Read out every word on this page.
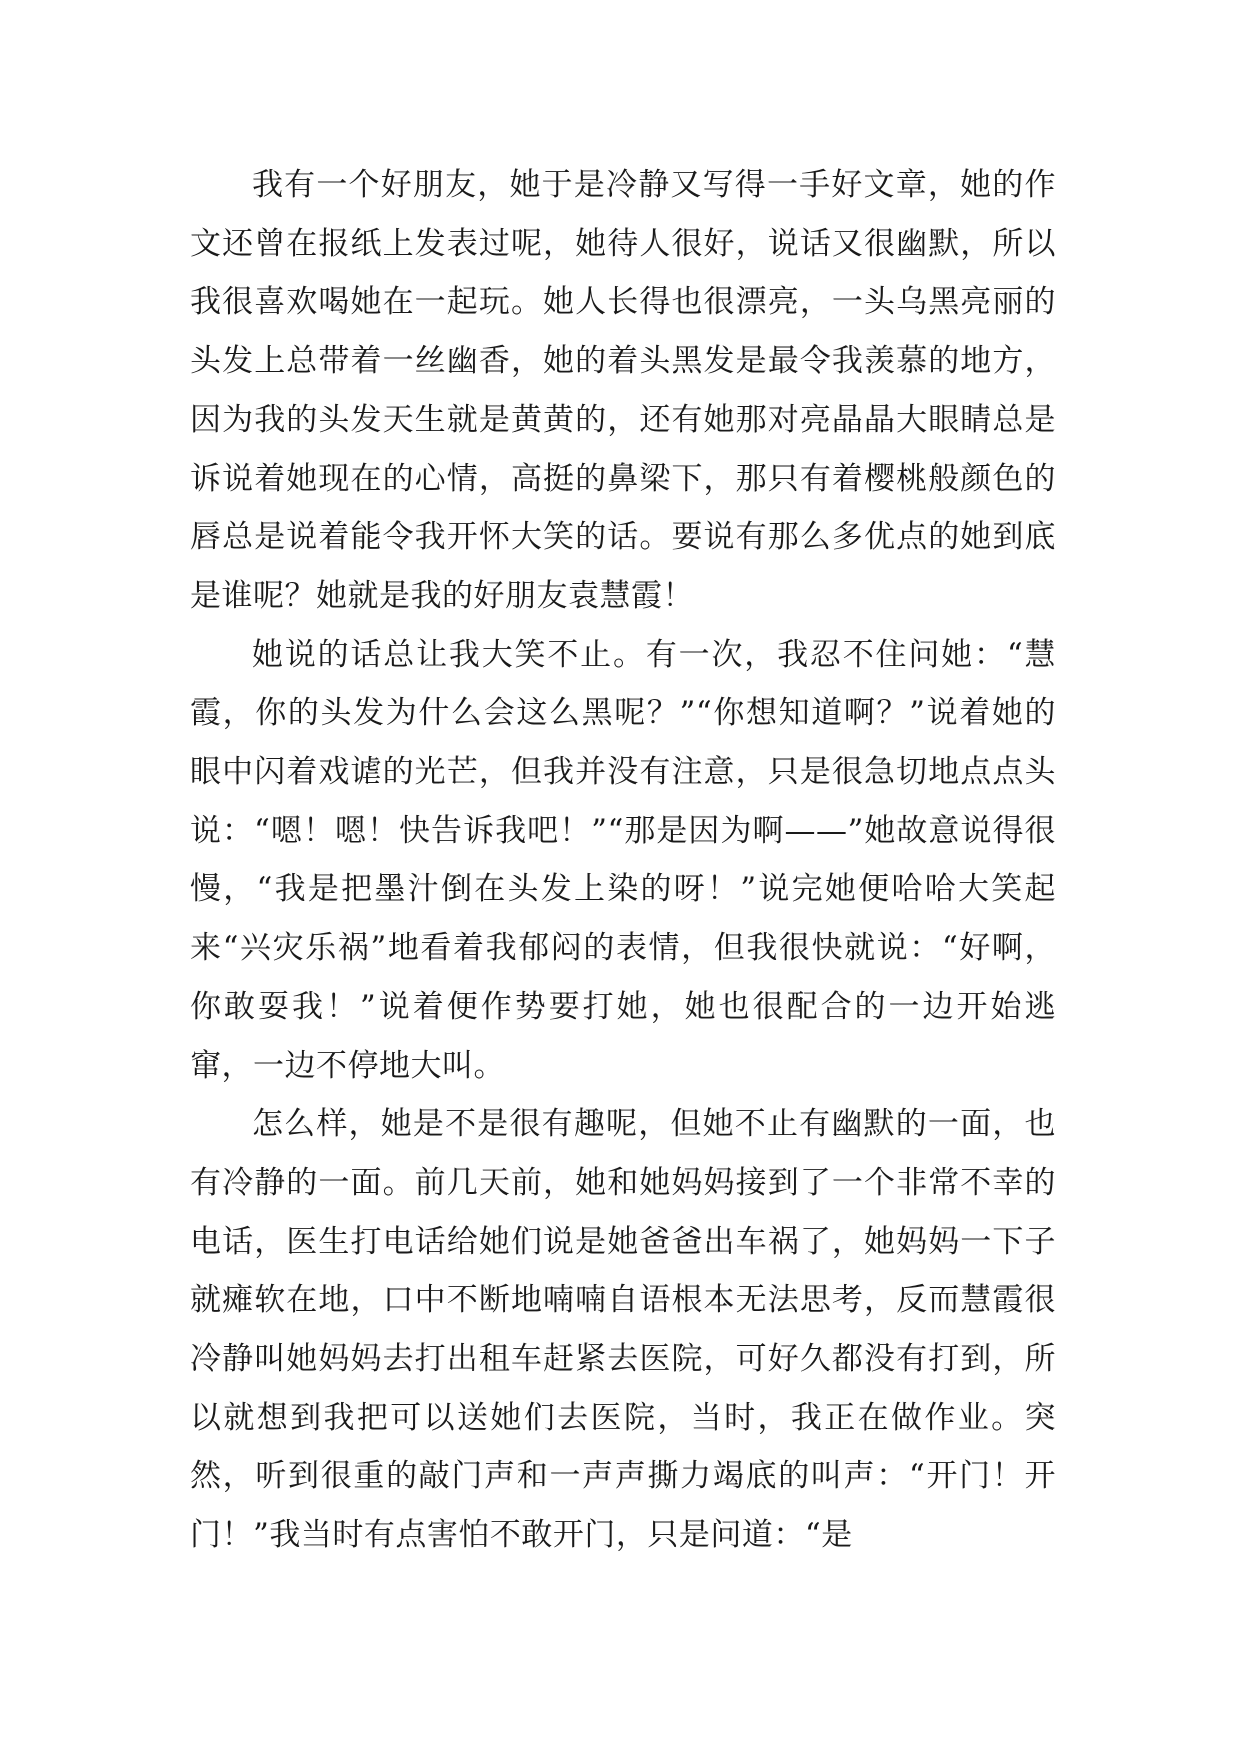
我有一个好朋友，她于是冷静又写得一手好文章，她的作文还曾在报纸上发表过呢，她待人很好，说话又很幽默，所以我很喜欢喝她在一起玩。她人长得也很漂亮，一头乌黑亮丽的头发上总带着一丝幽香，她的着头黑发是最令我羡慕的地方，因为我的头发天生就是黄黄的，还有她那对亮晶晶大眼睛总是诉说着她现在的心情，高挺的鼻梁下，那只有着樱桃般颜色的唇总是说着能令我开怀大笑的话。要说有那么多优点的她到底是谁呢？她就是我的好朋友袁慧霞！

她说的话总让我大笑不止。有一次，我忍不住问她：“慧霞，你的头发为什么会这么黑呢？”“你想知道啊？”说着她的眼中闪着戏谑的光芒，但我并没有注意，只是很急切地点点头说：“嗯！嗯！快告诉我吧！”“那是因为啊——”她故意说得很慢，“我是把墨汁倒在头发上染的呀！”说完她便哈哈大笑起来“兴灾乐祸”地看着我郁闷的表情，但我很快就说：“好啊，你敢耍我！”说着便作势要打她，她也很配合的一边开始逃窜，一边不停地大叫。

怎么样，她是不是很有趣呢，但她不止有幽默的一面，也有冷静的一面。前几天前，她和她妈妈接到了一个非常不幸的电话，医生打电话给她们说是她爸爸出车祸了，她妈妈一下子就瘫软在地，口中不断地喃喃自语根本无法思考，反而慧霞很冷静叫她妈妈去打出租车赶紧去医院，可好久都没有打到，所以就想到我把可以送她们去医院，当时，我正在做作业。突然，听到很重的敲门声和一声声撕力竭底的叫声：“开门！开门！”我当时有点害怕不敢开门，只是问道：“是
